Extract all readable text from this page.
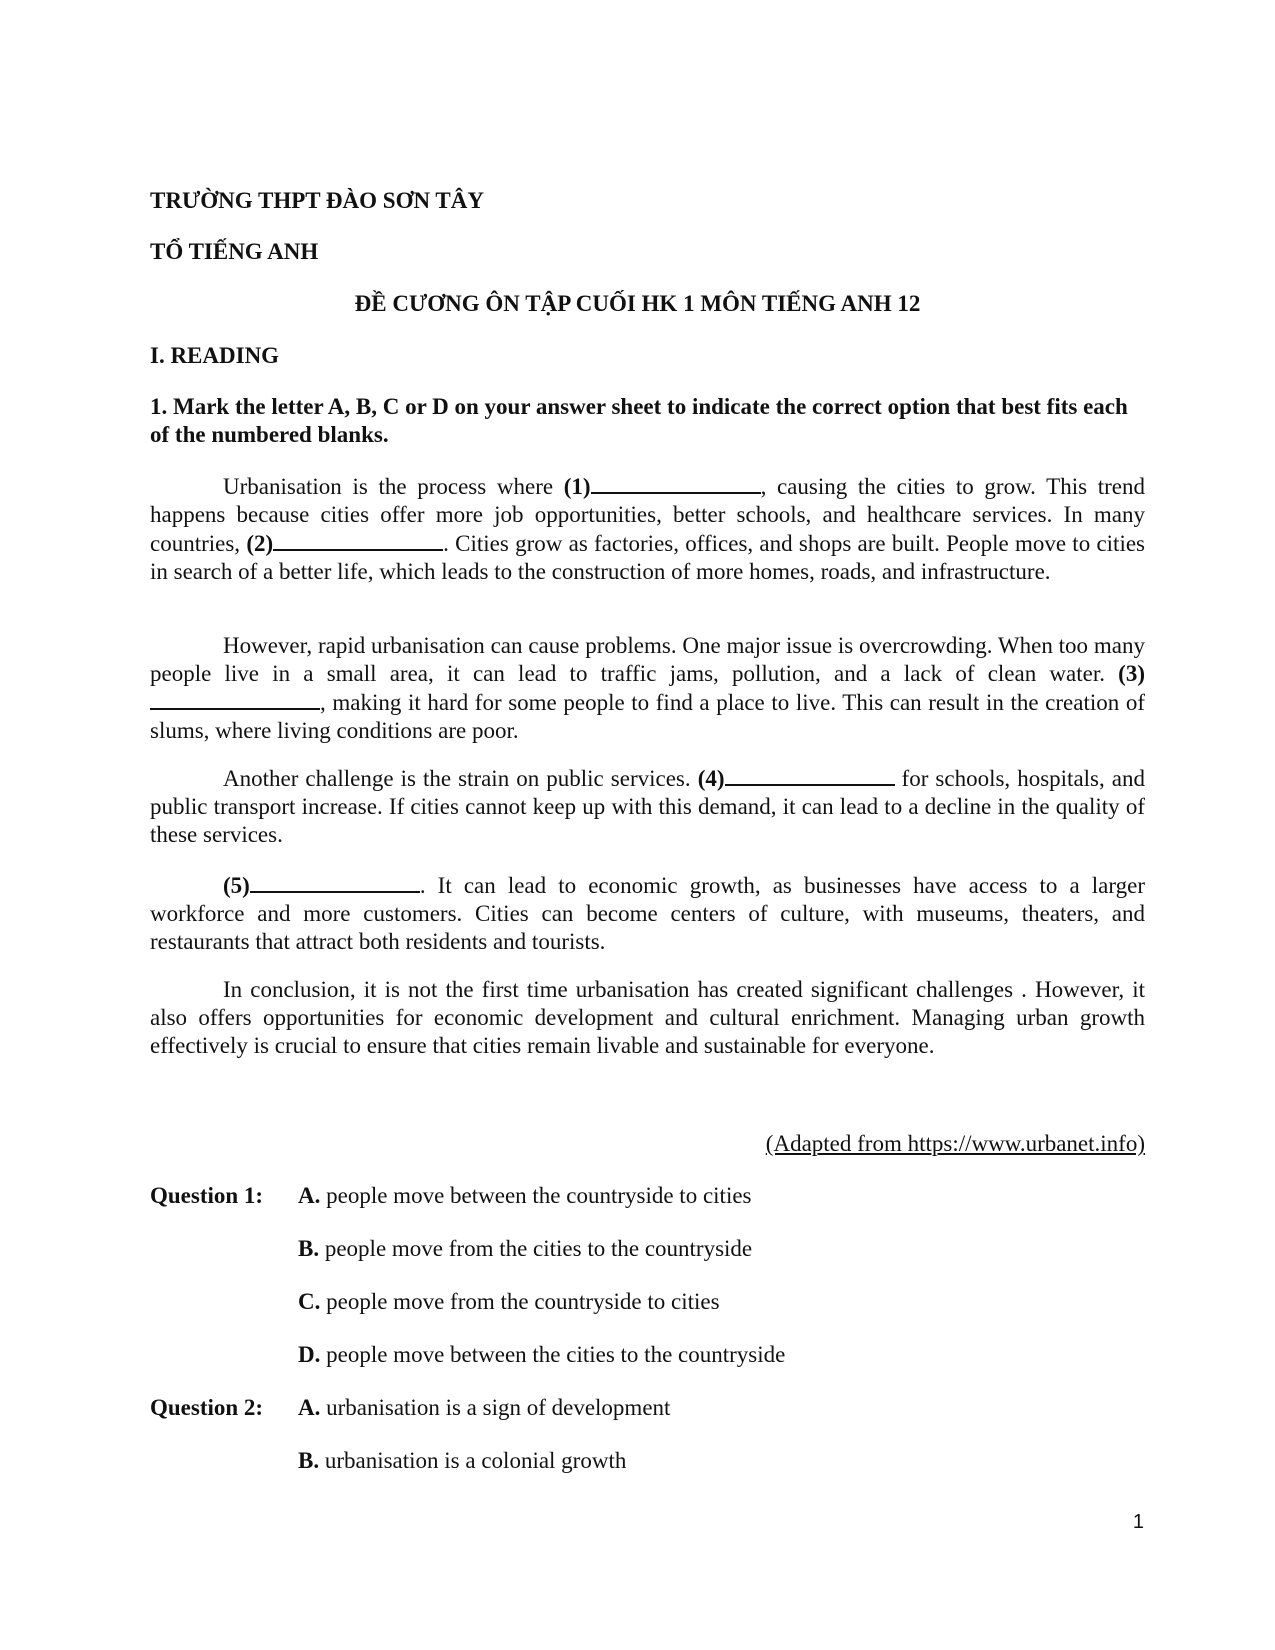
TRƯỜNG THPT ĐÀO SƠN TÂY
TỔ TIẾNG ANH
ĐỀ CƯƠNG ÔN TẬP CUỐI HK 1 MÔN TIẾNG ANH 12
I. READING
1. Mark the letter A, B, C or D on your answer sheet to indicate the correct option that best fits each of the numbered blanks.

Urbanisation is the process where (1)	, causing the cities to grow. This trend happens because cities offer more job opportunities, better schools, and healthcare services. In many countries, (2)	. Cities grow as factories, offices, and shops are built. People move to cities in search of a better life, which leads to the construction of more homes, roads, and infrastructure.

However, rapid urbanisation can cause problems. One major issue is overcrowding. When too many people live in a small area, it can lead to traffic jams, pollution, and a lack of clean water. (3), making it hard for some people to find a place to live. This can result in the creation of slums, where living conditions are poor.

Another challenge is the strain on public services. (4)	for schools, hospitals, and public transport increase. If cities cannot keep up with this demand, it can lead to a decline in the quality of these services.

(5)	. It can lead to economic growth, as businesses have access to a larger workforce and more customers. Cities can become centers of culture, with museums, theaters, and restaurants that attract both residents and tourists.

In conclusion, it is not the first time urbanisation has created significant challenges . However, it also offers opportunities for economic development and cultural enrichment. Managing urban growth effectively is crucial to ensure that cities remain livable and sustainable for everyone.

(Adapted from https://www.urbanet.info)
Question 1: A. people move between the countryside to cities
B. people move from the cities to the countryside
C. people move from the countryside to cities
D. people move between the cities to the countryside
Question 2: A. urbanisation is a sign of development
B. urbanisation is a colonial growth
1
